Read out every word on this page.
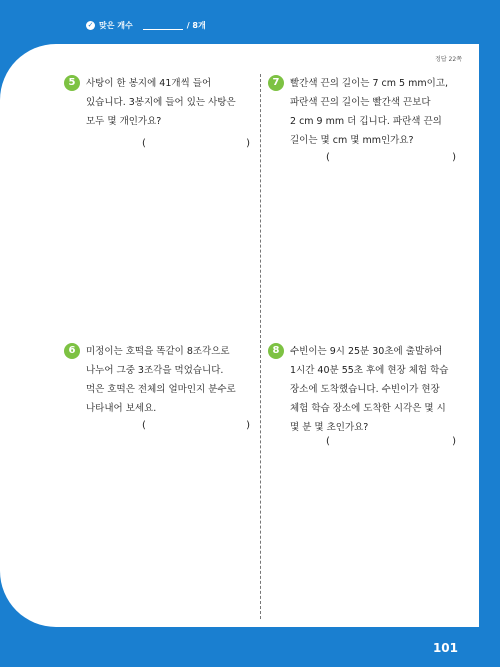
✓ 맞은 개수	/ 8개
정답 22쪽
5	사탕이 한 봉지에 41개씩 들어
있습니다. 3봉지에 들어 있는 사탕은
모두 몇 개인가요?
(	)
6	미정이는 호떡을 똑같이 8조각으로
나누어 그중 3조각을 먹었습니다.
먹은 호떡은 전체의 얼마인지 분수로
나타내어 보세요.
(	)
7	빨간색 끈의 길이는 7 cm 5 mm이고,
파란색 끈의 길이는 빨간색 끈보다
2 cm 9 mm 더 깁니다. 파란색 끈의
길이는 몇 cm 몇 mm인가요?
(	)
8	수빈이는 9시 25분 30초에 출발하여
1시간 40분 55초 후에 현장 체험 학습
장소에 도착했습니다. 수빈이가 현장
체험 학습 장소에 도착한 시각은 몇 시
몇 분 몇 초인가요?
(	)
101
